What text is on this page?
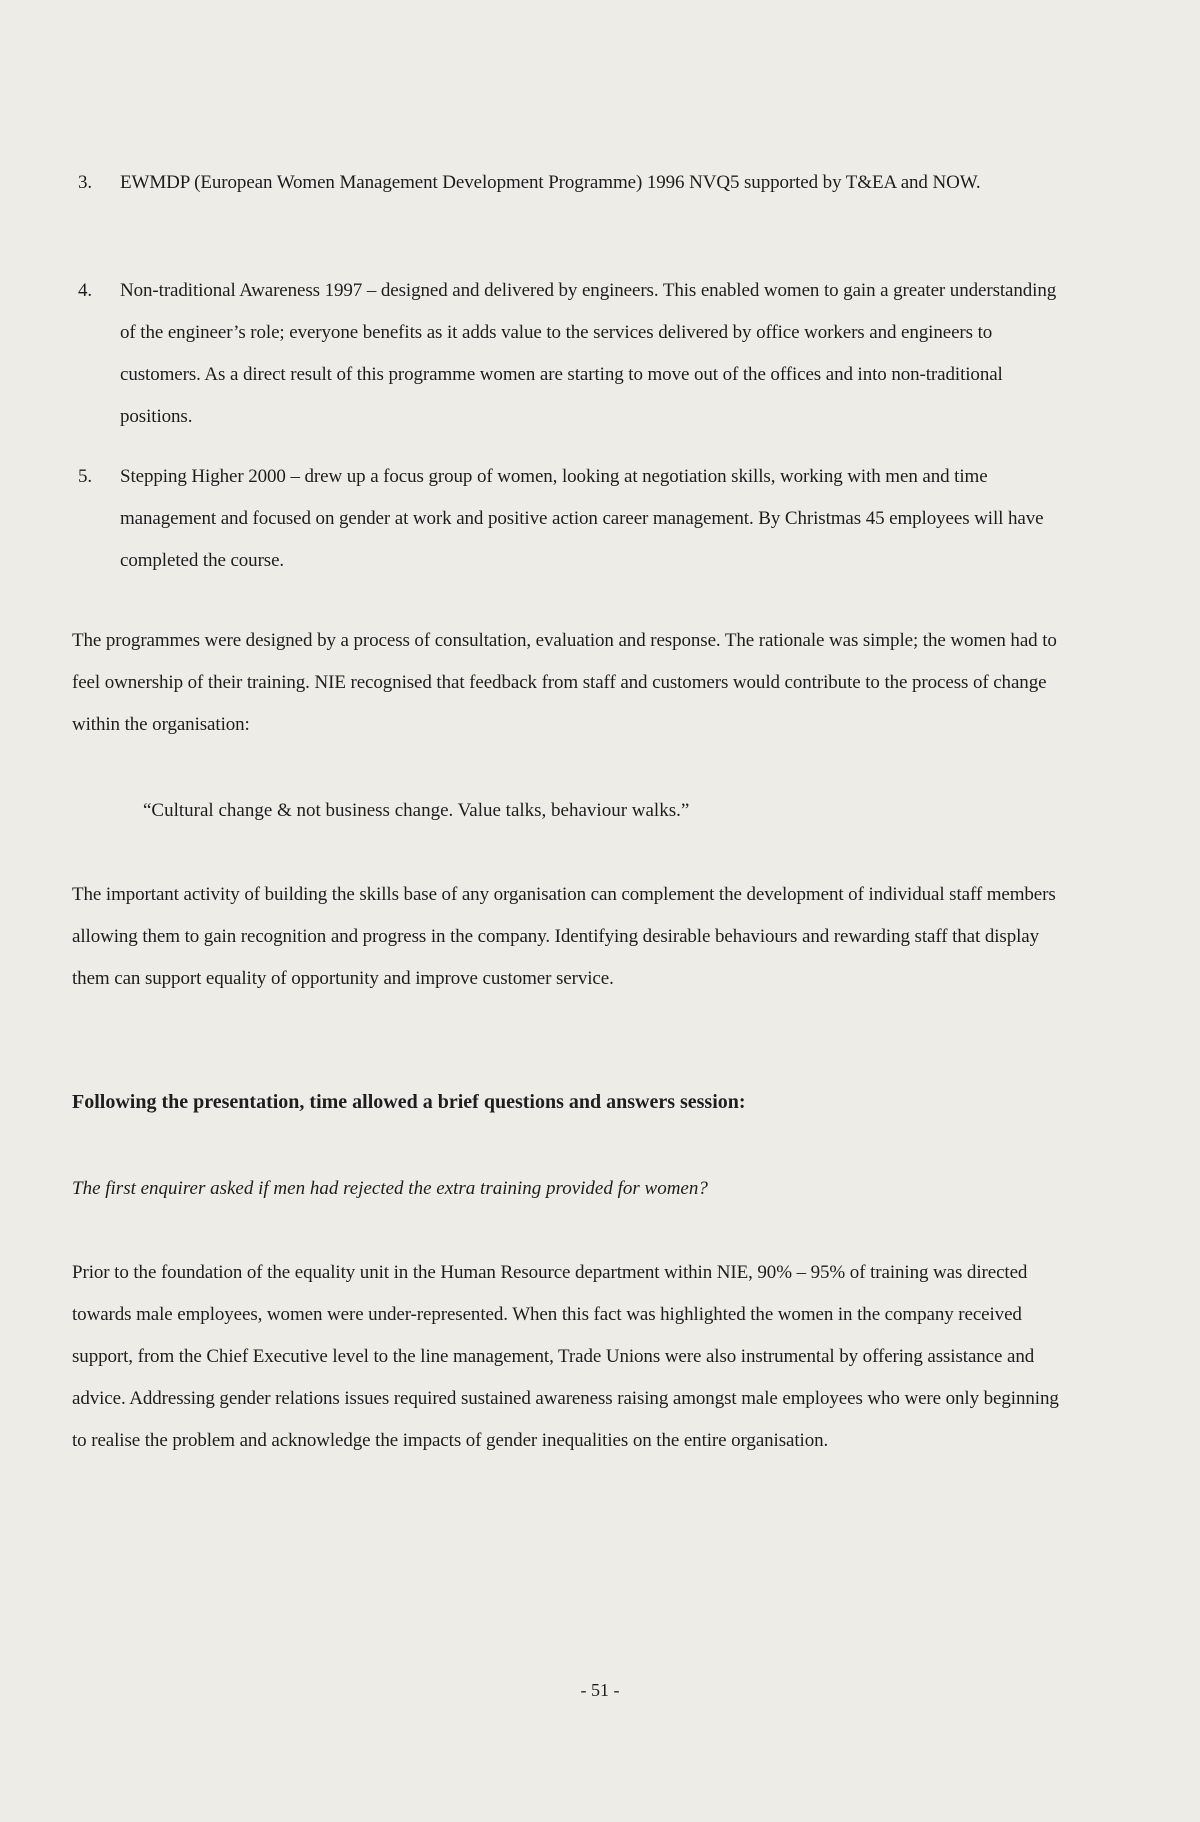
3.	EWMDP (European Women Management Development Programme) 1996 NVQ5 supported by T&EA and NOW.
4.	Non-traditional Awareness 1997 – designed and delivered by engineers. This enabled women to gain a greater understanding of the engineer’s role; everyone benefits as it adds value to the services delivered by office workers and engineers to customers. As a direct result of this programme women are starting to move out of the offices and into non-traditional positions.
5.	Stepping Higher 2000 – drew up a focus group of women, looking at negotiation skills, working with men and time management and focused on gender at work and positive action career management. By Christmas 45 employees will have completed the course.
The programmes were designed by a process of consultation, evaluation and response. The rationale was simple; the women had to feel ownership of their training. NIE recognised that feedback from staff and customers would contribute to the process of change within the organisation:
“Cultural change & not business change. Value talks, behaviour walks.”
The important activity of building the skills base of any organisation can complement the development of individual staff members allowing them to gain recognition and progress in the company. Identifying desirable behaviours and rewarding staff that display them can support equality of opportunity and improve customer service.
Following the presentation, time allowed a brief questions and answers session:
The first enquirer asked if men had rejected the extra training provided for women?
Prior to the foundation of the equality unit in the Human Resource department within NIE, 90% – 95% of training was directed towards male employees, women were under-represented. When this fact was highlighted the women in the company received support, from the Chief Executive level to the line management, Trade Unions were also instrumental by offering assistance and advice. Addressing gender relations issues required sustained awareness raising amongst male employees who were only beginning to realise the problem and acknowledge the impacts of gender inequalities on the entire organisation.
- 51 -
